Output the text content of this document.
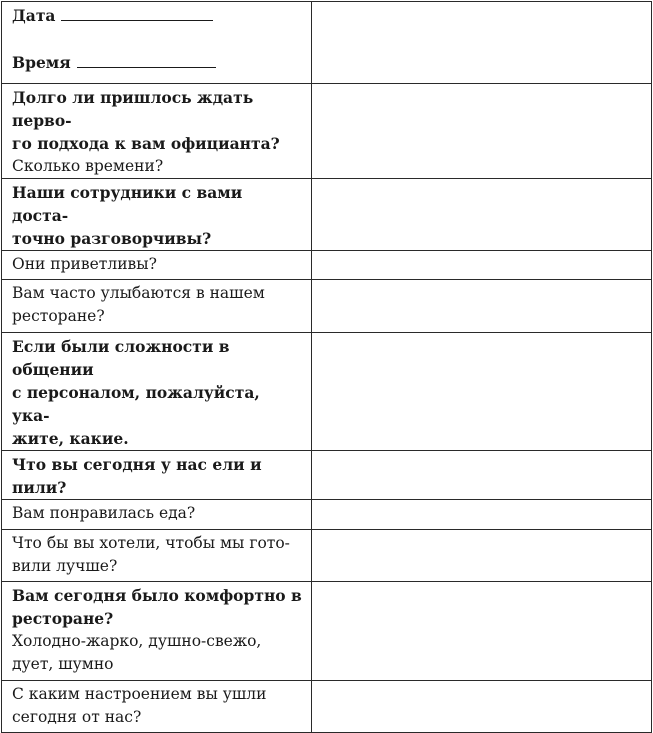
Дата
Время	

Долго ли пришлось ждать перво-
го подхода к вам официанта?
Сколько времени?	

Наши сотрудники с вами доста-
точно разговорчивы?	

Они приветливы?	

Вам часто улыбаются в нашем
ресторане?	

Если были сложности в общении
с персоналом, пожалуйста, ука-
жите, какие.	

Что вы сегодня у нас ели и пили?	

Вам понравилась еда?	

Что бы вы хотели, чтобы мы гото-
вили лучше?	

Вам сегодня было комфортно в
ресторане?
Холодно-жарко, душно-свежо,
дует, шумно	

С каким настроением вы ушли
сегодня от нас?	
